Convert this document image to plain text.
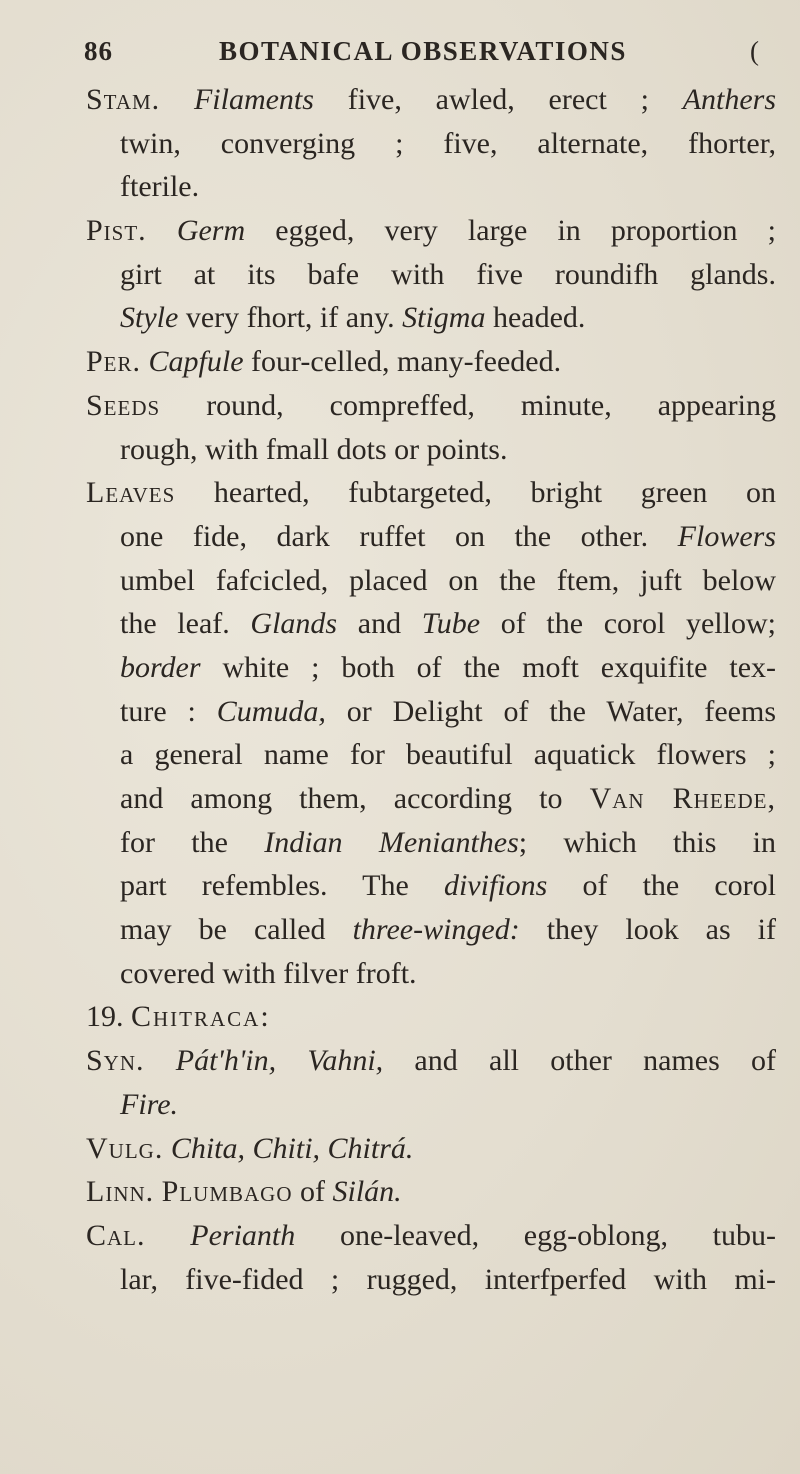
86	BOTANICAL OBSERVATIONS	(
Stam. Filaments five, awled, erect ; Anthers
twin, converging ; five, alternate, fhorter,
fterile.
Pist. Germ egged, very large in proportion ;
girt at its bafe with five roundifh glands.
Style very fhort, if any. Stigma headed.
Per. Capfule four-celled, many-feeded.
Seeds round, compreffed, minute, appearing
rough, with fmall dots or points.
Leaves hearted, fubtargeted, bright green on
one fide, dark ruffet on the other. Flowers
umbel fafcicled, placed on the ftem, juft below
the leaf. Glands and Tube of the corol yellow;
border white ; both of the moft exquifite tex-
ture : Cumuda, or Delight of the Water, feems
a general name for beautiful aquatick flowers ;
and among them, according to Van Rheede,
for the Indian Menianthes; which this in
part refembles. The divifions of the corol
may be called three-winged: they look as if
covered with filver froft.
19. Chitraca:
Syn. Pát'h'in, Vahni, and all other names of
Fire.
Vulg. Chita, Chiti, Chitrá.
Linn. Plumbago of Silán.
Cal. Perianth one-leaved, egg-oblong, tubu-
lar, five-fided ; rugged, interfperfed with mi-
